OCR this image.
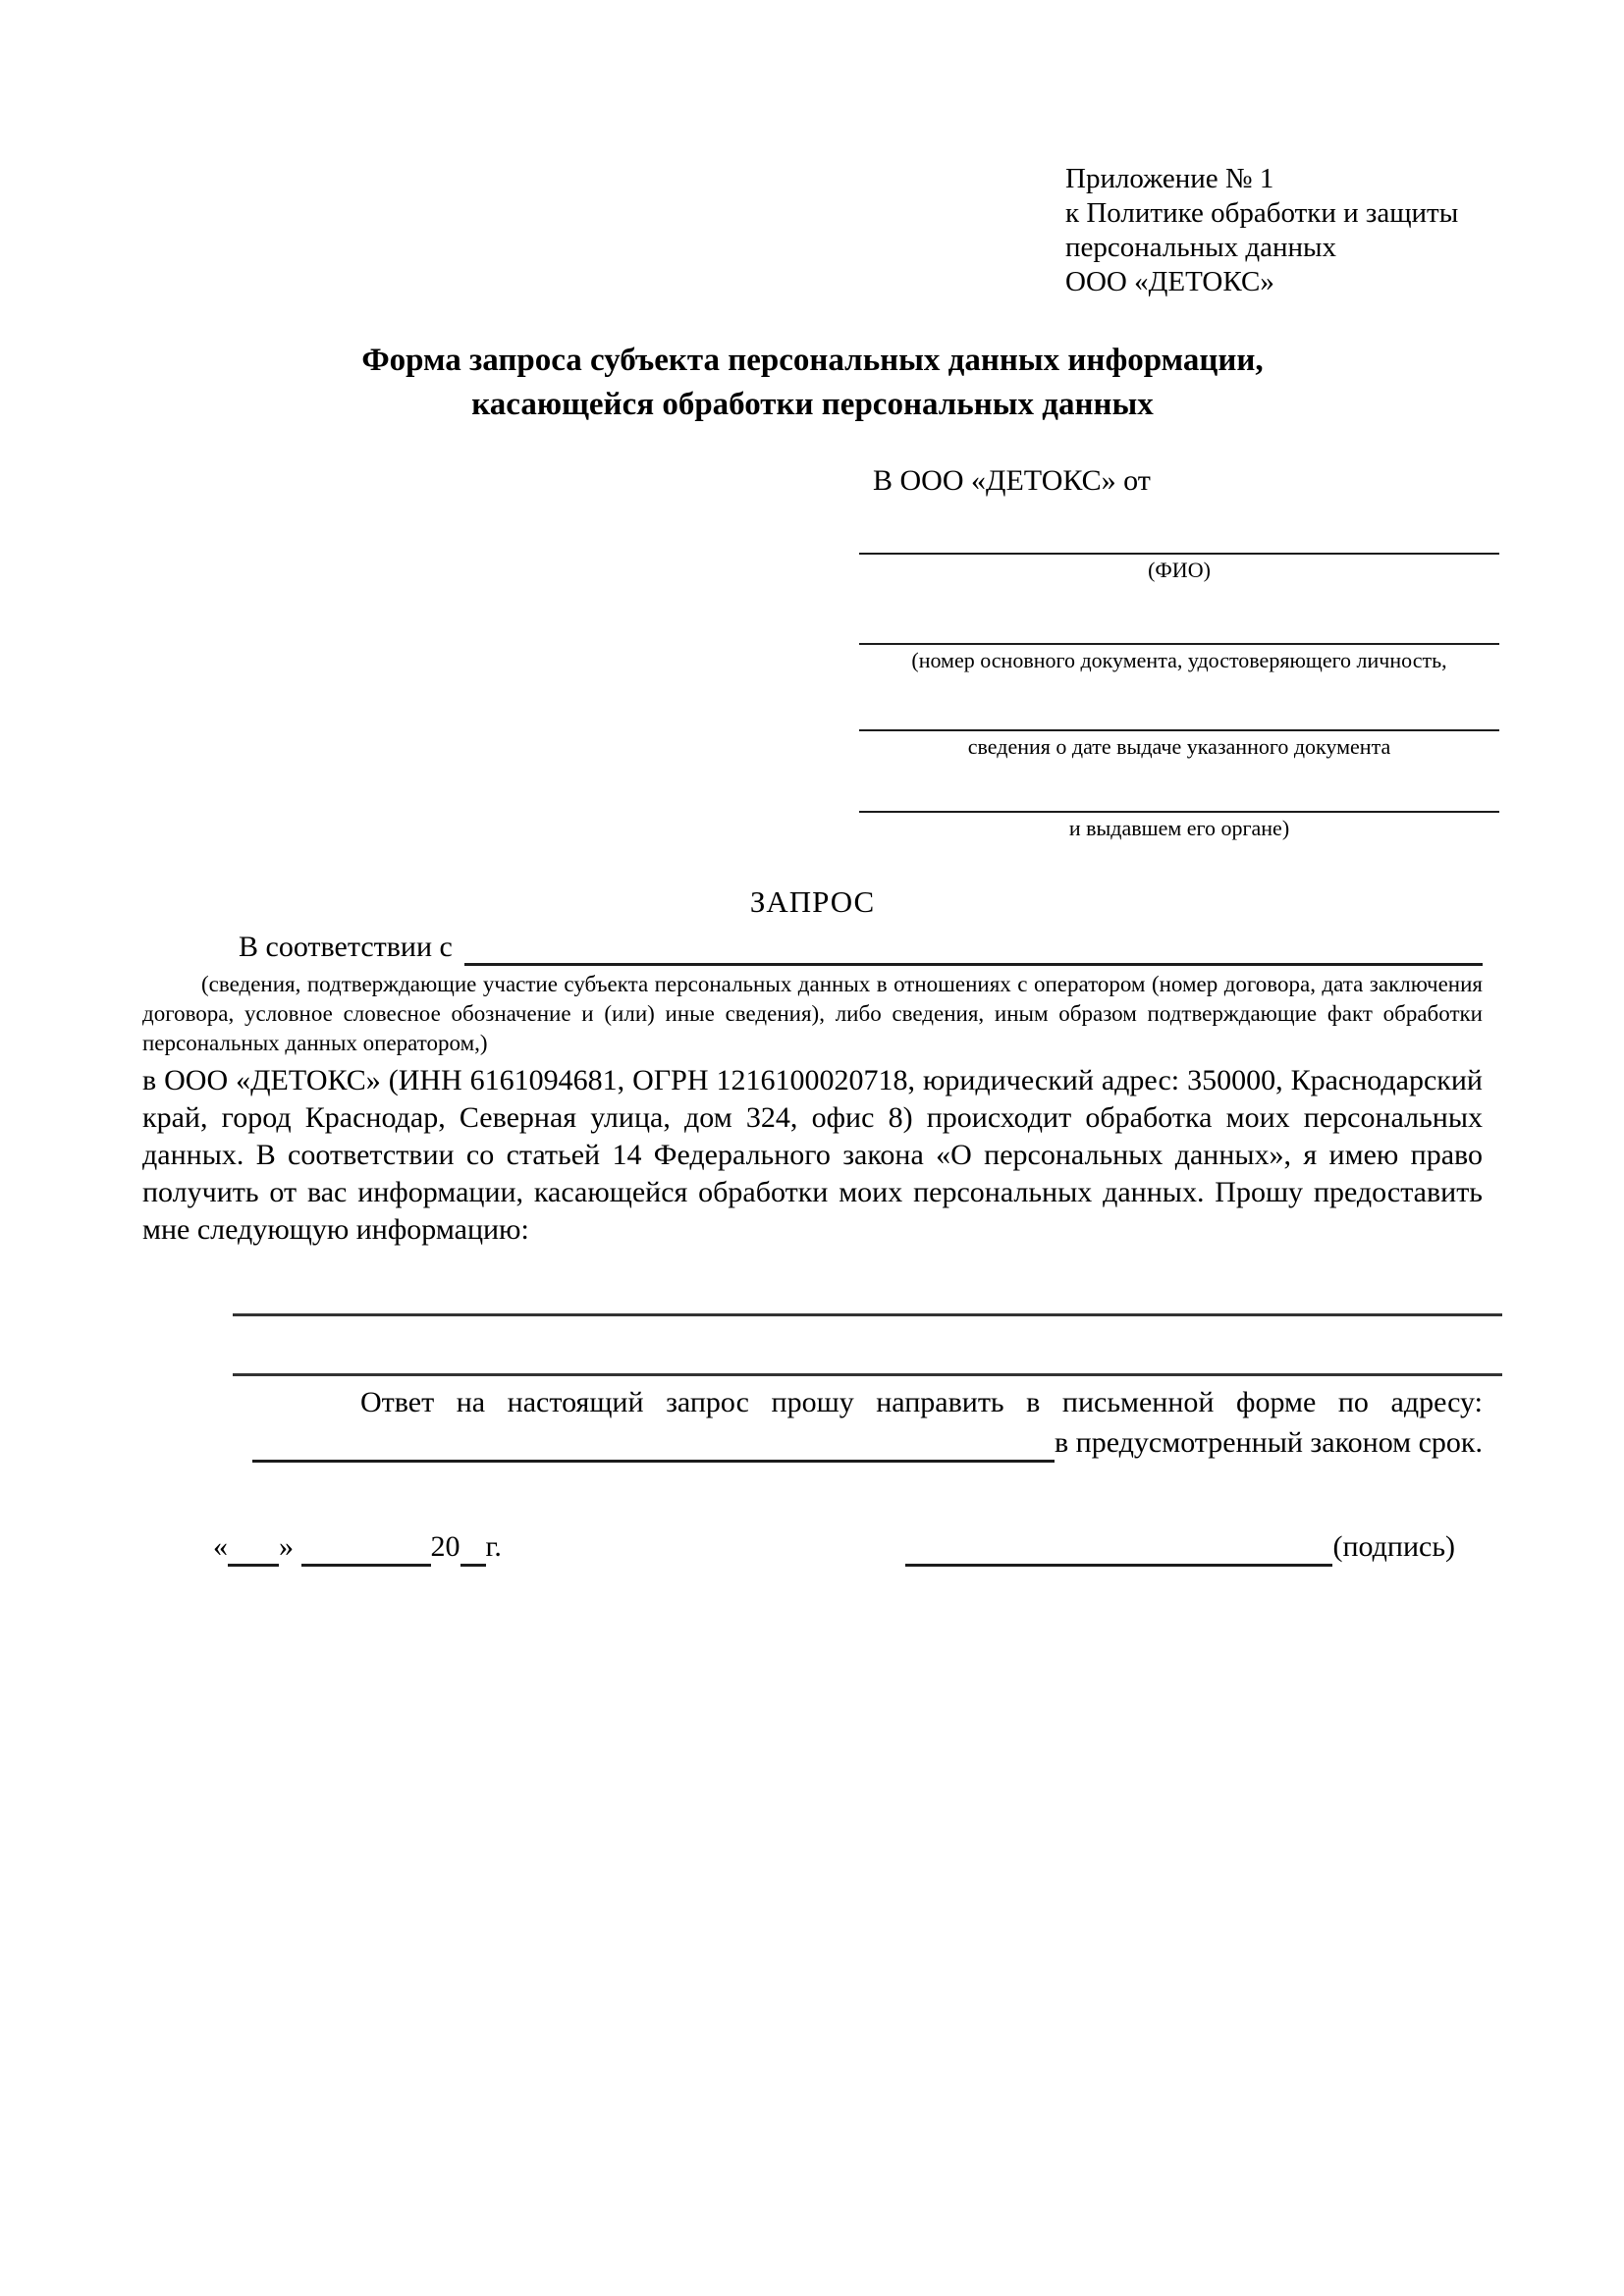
Приложение № 1
к Политике обработки и защиты
персональных данных
ООО «ДЕТОКС»
Форма запроса субъекта персональных данных информации,
касающейся обработки персональных данных
В ООО «ДЕТОКС» от
(ФИО)
(номер основного документа, удостоверяющего личность,
сведения о дате выдаче указанного документа
и выдавшем его органе)
ЗАПРОС
В соответствии с
(сведения, подтверждающие участие субъекта персональных данных в отношениях с оператором (номер договора, дата заключения договора, условное словесное обозначение и (или) иные сведения), либо сведения, иным образом подтверждающие факт обработки персональных данных оператором,)
в ООО «ДЕТОКС» (ИНН 6161094681, ОГРН 1216100020718, юридический адрес: 350000, Краснодарский край, город Краснодар, Северная улица, дом 324, офис 8) происходит обработка моих персональных данных. В соответствии со статьей 14 Федерального закона «О персональных данных», я имею право получить от вас информации, касающейся обработки моих персональных данных. Прошу предоставить мне следующую информацию:
Ответ на настоящий запрос прошу направить в письменной форме по адресу:
в предусмотренный законом срок.
« »	20 г.	(подпись)
